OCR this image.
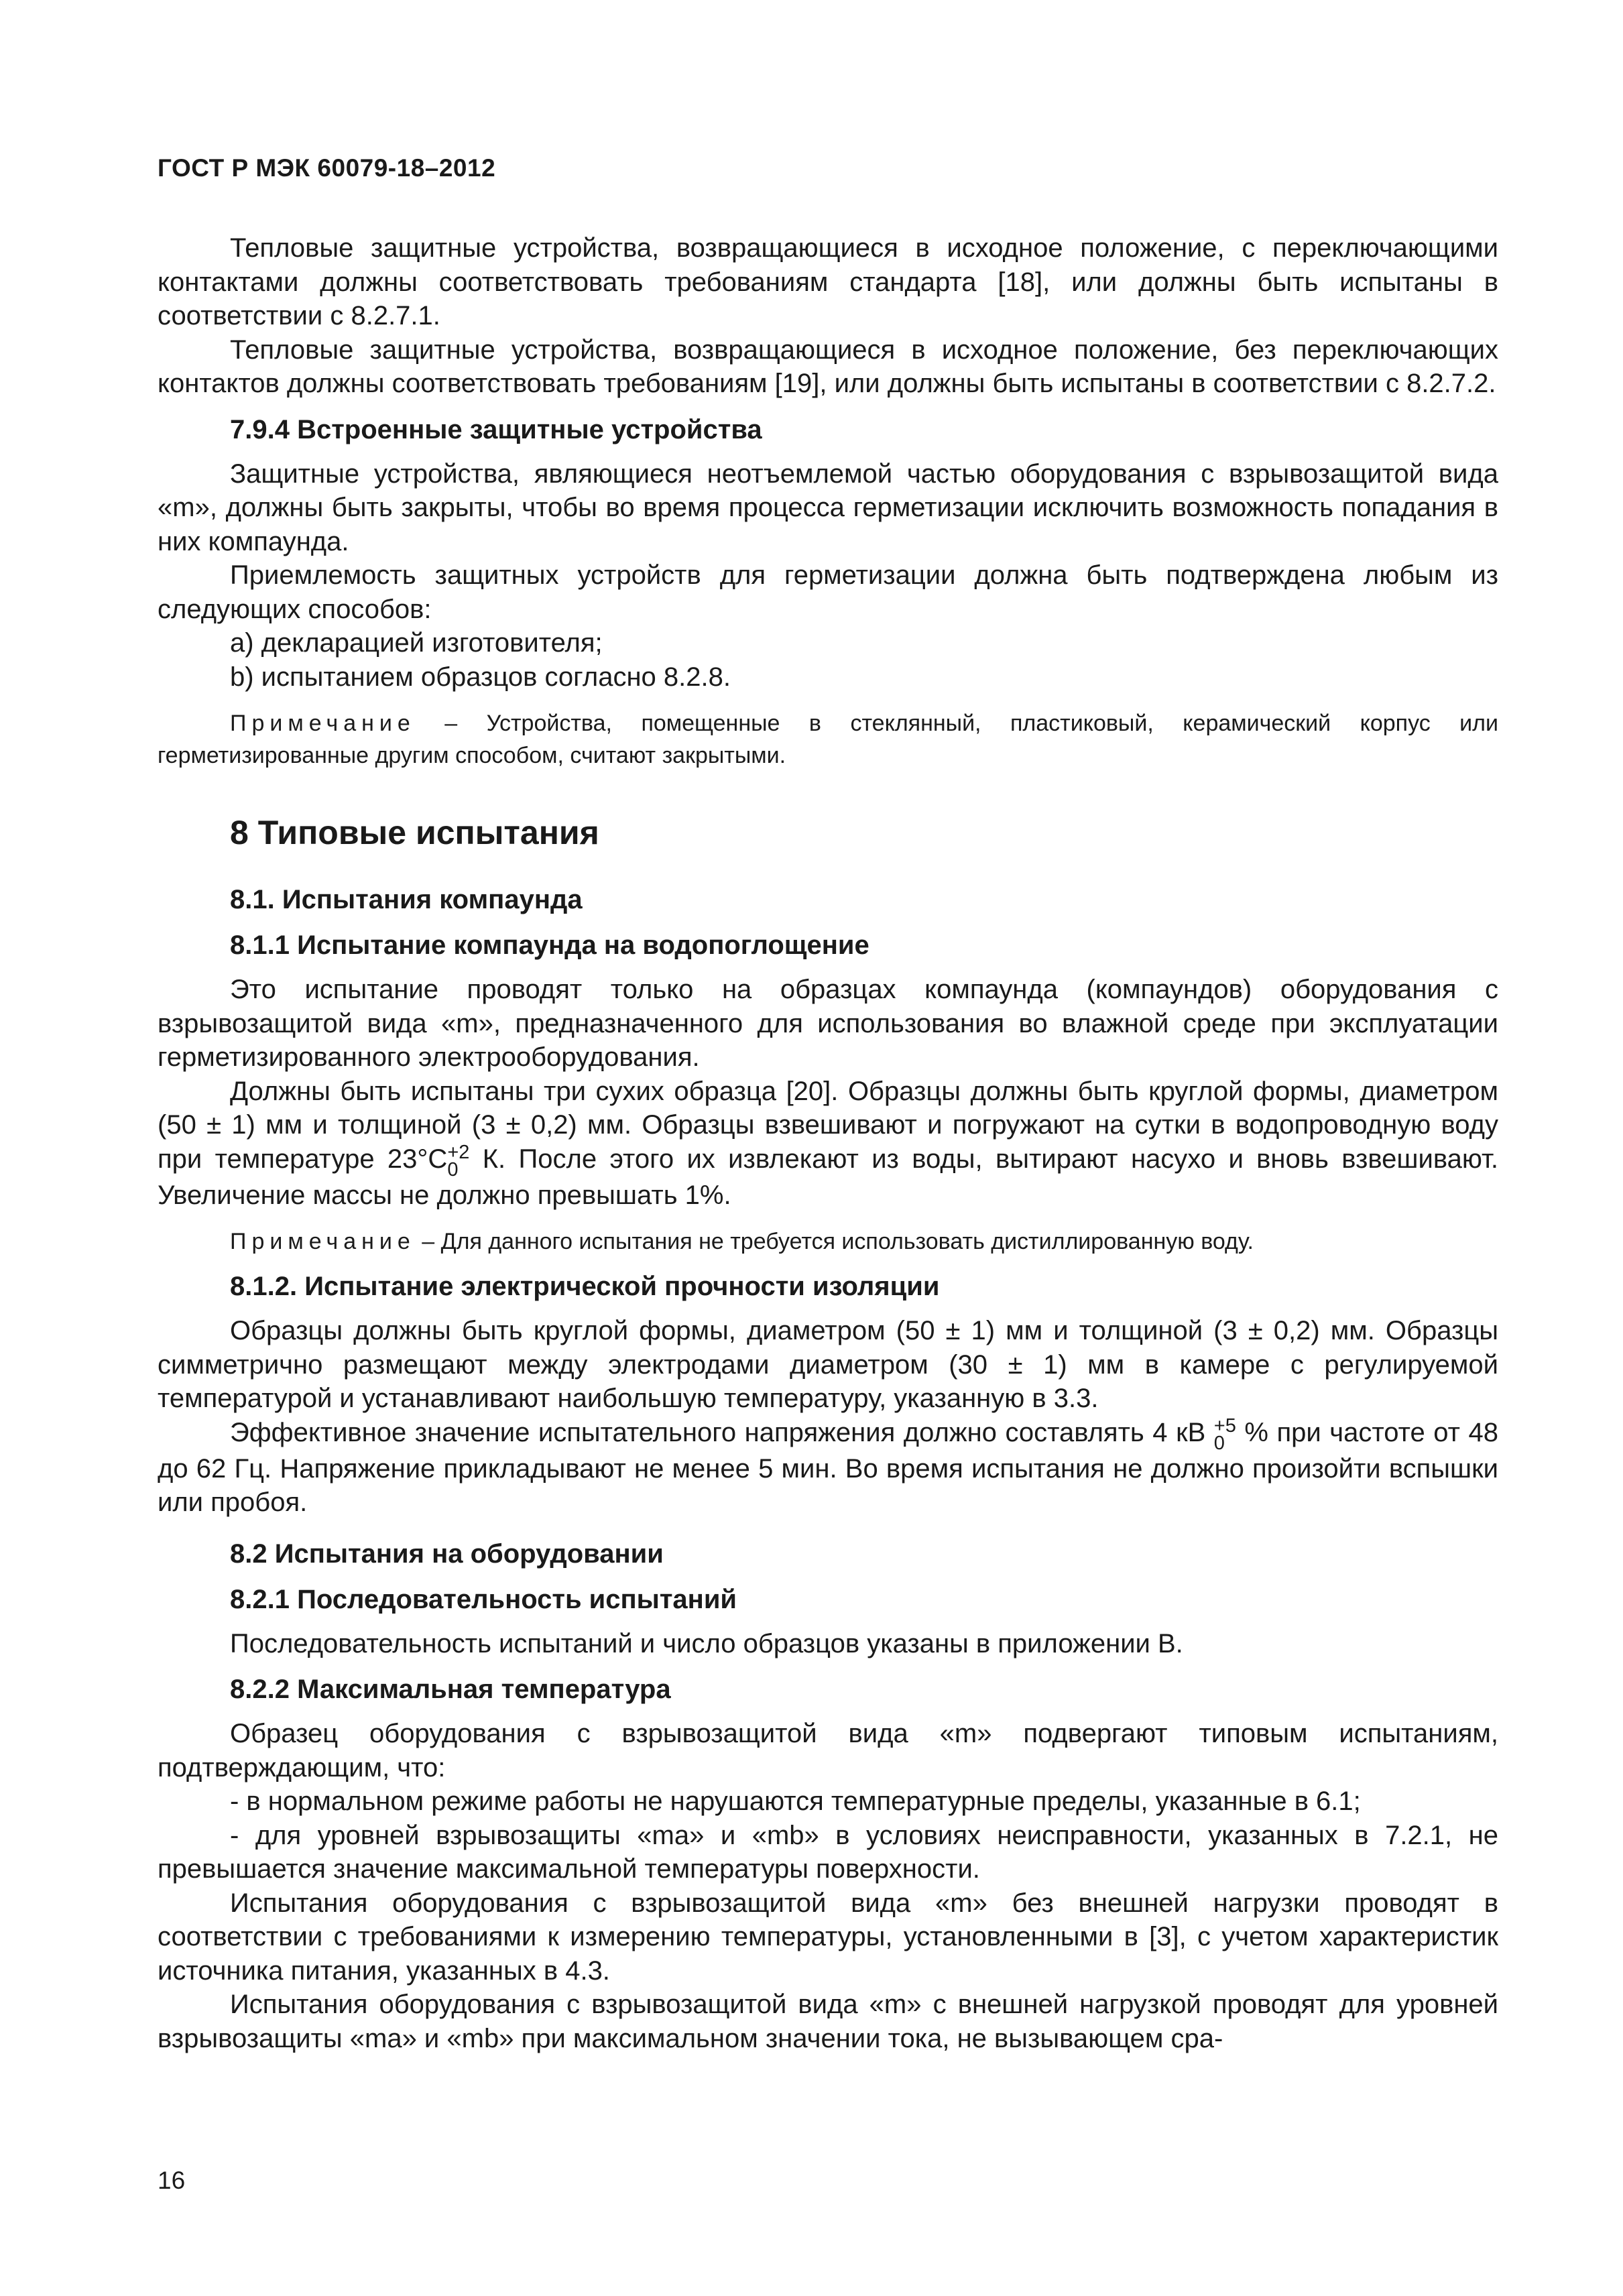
ГОСТ Р МЭК 60079-18–2012

Тепловые защитные устройства, возвращающиеся в исходное положение, с переключающими контактами должны соответствовать требованиям стандарта [18], или должны быть испытаны в соответствии с 8.2.7.1.

Тепловые защитные устройства, возвращающиеся в исходное положение, без переключающих контактов должны соответствовать требованиям [19], или должны быть испытаны в соответствии с 8.2.7.2.

7.9.4 Встроенные защитные устройства

Защитные устройства, являющиеся неотъемлемой частью оборудования с взрывозащитой вида «m», должны быть закрыты, чтобы во время процесса герметизации исключить возможность попадания в них компаунда.

Приемлемость защитных устройств для герметизации должна быть подтверждена любым из следующих способов:

a) декларацией изготовителя;

b) испытанием образцов согласно 8.2.8.

Примечание – Устройства, помещенные в стеклянный, пластиковый, керамический корпус или герметизированные другим способом, считают закрытыми.
8 Типовые испытания
8.1. Испытания компаунда
8.1.1 Испытание компаунда на водопоглощение

Это испытание проводят только на образцах компаунда (компаундов) оборудования с взрывозащитой вида «m», предназначенного для использования во влажной среде при эксплуатации герметизированного электрооборудования.

Должны быть испытаны три сухих образца [20]. Образцы должны быть круглой формы, диаметром (50 ± 1) мм и толщиной (3 ± 0,2) мм. Образцы взвешивают и погружают на сутки в водопроводную воду при температуре 23°C +2
0 К. После этого их извлекают из воды, вытирают насухо и вновь взвешивают. Увеличение массы не должно превышать 1%.

Примечание – Для данного испытания не требуется использовать дистиллированную воду.
8.1.2. Испытание электрической прочности изоляции

Образцы должны быть круглой формы, диаметром (50 ± 1) мм и толщиной (3 ± 0,2) мм. Образцы симметрично размещают между электродами диаметром (30 ± 1) мм в камере с регулируемой температурой и устанавливают наибольшую температуру, указанную в 3.3.

Эффективное значение испытательного напряжения должно составлять 4 кВ +5
0 % при частоте от 48 до 62 Гц. Напряжение прикладывают не менее 5 мин. Во время испытания не должно произойти вспышки или пробоя.

8.2 Испытания на оборудовании
8.2.1 Последовательность испытаний

Последовательность испытаний и число образцов указаны в приложении В.

8.2.2 Максимальная температура

Образец оборудования с взрывозащитой вида «m» подвергают типовым испытаниям, подтверждающим, что:

- в нормальном режиме работы не нарушаются температурные пределы, указанные в 6.1;

- для уровней взрывозащиты «ma» и «mb» в условиях неисправности, указанных в 7.2.1, не превышается значение максимальной температуры поверхности.

Испытания оборудования с взрывозащитой вида «m» без внешней нагрузки проводят в соответствии с требованиями к измерению температуры, установленными в [3], с учетом характеристик источника питания, указанных в 4.3.

Испытания оборудования с взрывозащитой вида «m» с внешней нагрузкой проводят для уровней взрывозащиты «ma» и «mb» при максимальном значении тока, не вызывающем сра-

16
